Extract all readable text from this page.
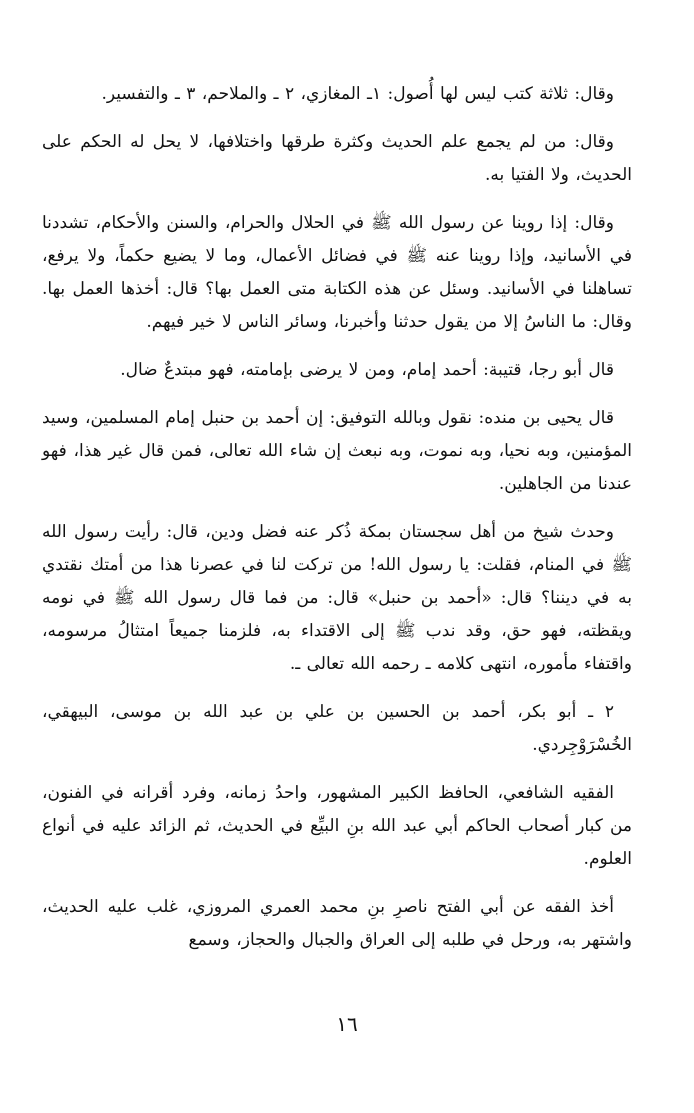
وقال: ثلاثة كتب ليس لها أُصول: ١ـ المغازي، ٢ ـ والملاحم، ٣ ـ والتفسير.

وقال: من لم يجمع علم الحديث وكثرة طرقها واختلافها، لا يحل له الحكم على الحديث، ولا الفتيا به.

وقال: إذا روينا عن رسول الله ﷺ في الحلال والحرام، والسنن والأحكام، تشددنا في الأسانيد، وإذا روينا عنه ﷺ في فضائل الأعمال، وما لا يضيع حكماً، ولا يرفع، تساهلنا في الأسانيد. وسئل عن هذه الكتابة متى العمل بها؟ قال: أخذها العمل بها. وقال: ما الناسُ إلا من يقول حدثنا وأخبرنا، وسائر الناس لا خير فيهم.

قال أبو رجا، قتيبة: أحمد إمام، ومن لا يرضى بإمامته، فهو مبتدعٌ ضال.

قال يحيى بن منده: نقول وبالله التوفيق: إن أحمد بن حنبل إمام المسلمين، وسيد المؤمنين، وبه نحيا، وبه نموت، وبه نبعث إن شاء الله تعالى، فمن قال غير هذا، فهو عندنا من الجاهلين.

وحدث شيخ من أهل سجستان بمكة ذُكر عنه فضل ودين، قال: رأيت رسول الله ﷺ في المنام، فقلت: يا رسول الله! من تركت لنا في عصرنا هذا من أمتك نقتدي به في ديننا؟ قال: «أحمد بن حنبل» قال: من فما قال رسول الله ﷺ في نومه ويقظته، فهو حق، وقد ندب ﷺ إلى الاقتداء به، فلزمنا جميعاً امتثالُ مرسومه، واقتفاء مأموره، انتهى كلامه ـ رحمه الله تعالى ـ.

٢ ـ أبو بكر، أحمد بن الحسين بن علي بن عبد الله بن موسى، البيهقي، الخُسْرَوْجِردي.

الفقيه الشافعي، الحافظ الكبير المشهور، واحدُ زمانه، وفرد أقرانه في الفنون، من كبار أصحاب الحاكم أبي عبد الله بنِ البيِّع في الحديث، ثم الزائد عليه في أنواع العلوم.

أخذ الفقه عن أبي الفتح ناصرِ بنِ محمد العمري المروزي، غلب عليه الحديث، واشتهر به، ورحل في طلبه إلى العراق والجبال والحجاز، وسمع

١٦
